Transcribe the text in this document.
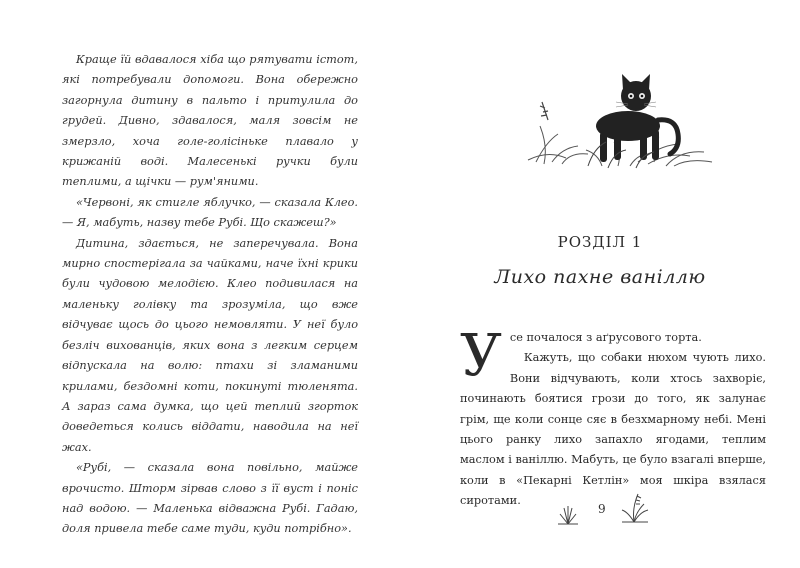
Краще їй вдавалося хіба що рятувати істот, які потребували допомоги. Вона обережно загорнула дитину в пальто і притулила до грудей. Дивно, здавалося, маля зовсім не змерзло, хоча голе-голісіньке плавало у крижаній воді. Малесенькі ручки були теплими, а щічки — рум'яними.

«Червоні, як стигле яблучко, — сказала Клео. — Я, мабуть, назву тебе Рубі. Що скажеш?»

Дитина, здається, не заперечувала. Вона мирно спостерігала за чайками, наче їхні крики були чудовою мелодією. Клео подивилася на маленьку голівку та зрозуміла, що вже відчуває щось до цього немовляти. У неї було безліч вихованців, яких вона з легким серцем відпускала на волю: птахи зі зламаними крилами, бездомні коти, покинуті тюленята. А зараз сама думка, що цей теплий згорток доведеться колись віддати, наводила на неї жах.

«Рубі, — сказала вона повільно, майже врочисто. Шторм зірвав слово з її вуст і поніс над водою. — Маленька відважна Рубі. Гадаю, доля привела тебе саме туди, куди потрібно».

РОЗДІЛ 1
Лихо пахне ваніллю

Усе почалося з аґрусового торта.

Кажуть, що собаки нюхом чують лихо. Вони відчувають, коли хтось захворіє, починають боятися грози до того, як залунає грім, ще коли сонце сяє в безхмарному небі. Мені цього ранку лихо запахло ягодами, теплим маслом і ваніллю. Мабуть, це було взагалі вперше, коли в «Пекарні Кетлін» моя шкіра взялася сиротами.

9
